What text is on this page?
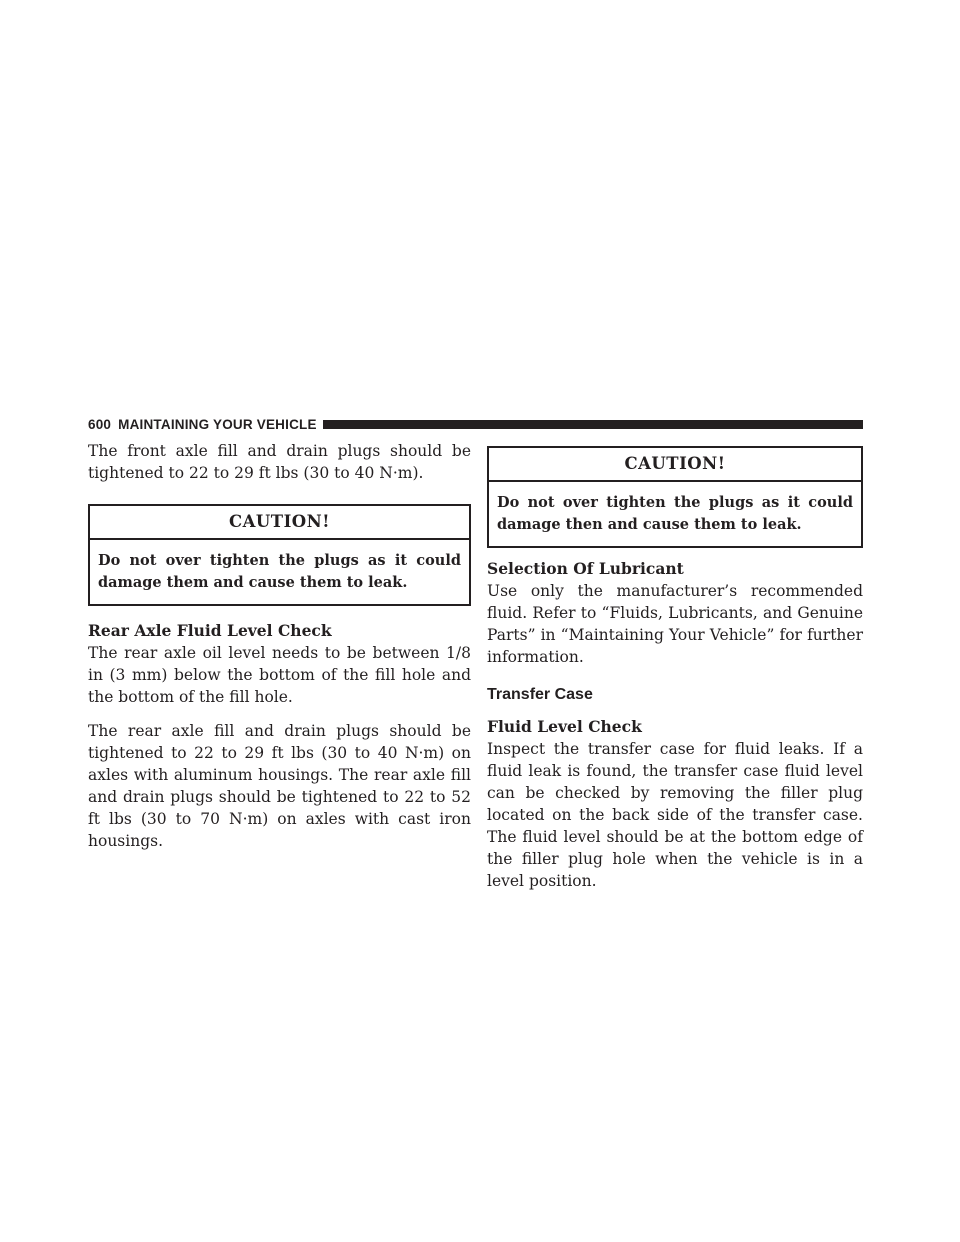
600 MAINTAINING YOUR VEHICLE

The front axle fill and drain plugs should be tightened to 22 to 29 ft lbs (30 to 40 N·m).

CAUTION!
Do not over tighten the plugs as it could damage them and cause them to leak.
Rear Axle Fluid Level Check

The rear axle oil level needs to be between 1/8 in (3 mm) below the bottom of the fill hole and the bottom of the fill hole.

The rear axle fill and drain plugs should be tightened to 22 to 29 ft lbs (30 to 40 N·m) on axles with aluminum housings. The rear axle fill and drain plugs should be tightened to 22 to 52 ft lbs (30 to 70 N·m) on axles with cast iron housings.

CAUTION!
Do not over tighten the plugs as it could damage then and cause them to leak.
Selection Of Lubricant

Use only the manufacturer’s recommended fluid. Refer to “Fluids, Lubricants, and Genuine Parts” in “Maintaining Your Vehicle” for further information.

Transfer Case
Fluid Level Check

Inspect the transfer case for fluid leaks. If a fluid leak is found, the transfer case fluid level can be checked by removing the filler plug located on the back side of the transfer case. The fluid level should be at the bottom edge of the filler plug hole when the vehicle is in a level position.
